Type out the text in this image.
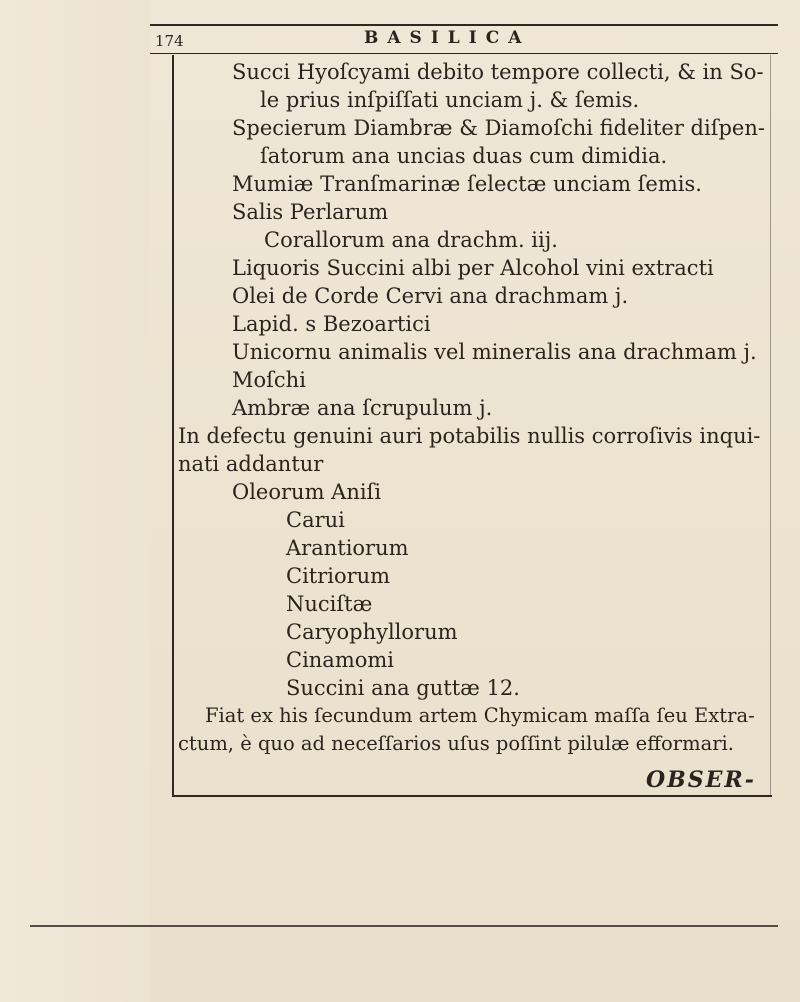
174	BASILICA
Succi Hyoſcyami debito tempore collecti, & in So-
le prius inſpiſſati unciam j. & ſemis.
Specierum Diambræ & Diamoſchi fideliter diſpen-
ſatorum ana uncias duas cum dimidia.
Mumiæ Tranſmarinæ ſelectæ unciam ſemis.
Salis Perlarum
Corallorum ana drachm. iij.
Liquoris Succini albi per Alcohol vini extracti
Olei de Corde Cervi ana drachmam j.
Lapid. s Bezoartici
Unicornu animalis vel mineralis ana drachmam j.
Moſchi
Ambræ ana ſcrupulum j.
In defectu genuini auri potabilis nullis corroſivis inqui-
nati addantur
Oleorum Aniſi
Carui
Arantiorum
Citriorum
Nuciſtæ
Caryophyllorum
Cinamomi
Succini ana guttæ 12.
Fiat ex his ſecundum artem Chymicam maſſa ſeu Extra-
ctum, è quo ad neceſſarios uſus poſſint pilulæ efformari.
OBSER-
